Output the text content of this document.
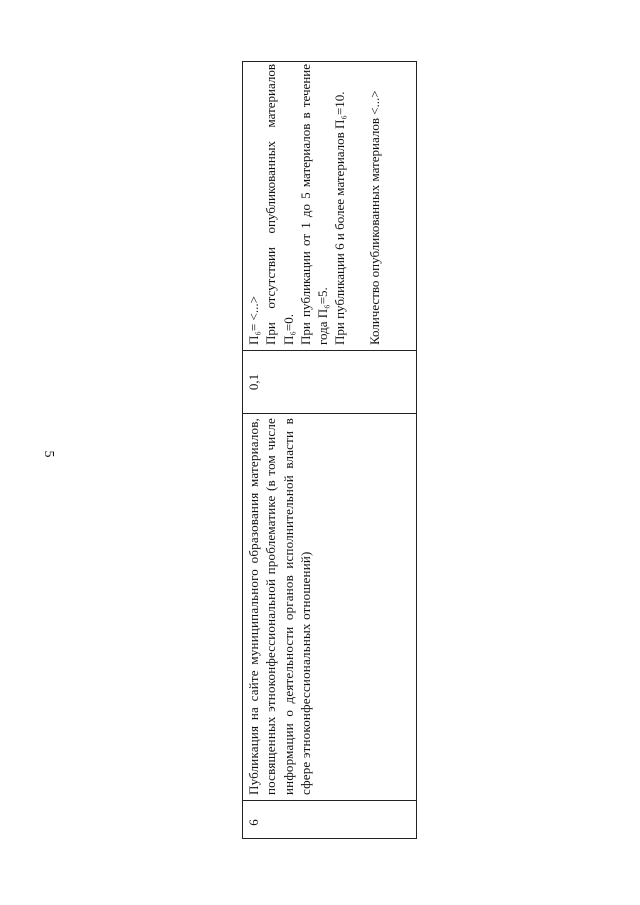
5
6
Публикация на сайте муниципального образования материалов, посвященных этноконфессиональной проблематике (в том числе информации о деятельности органов исполнительной власти в сфере этноконфессиональных отношений)
0,1

П₆= <...> При отсутствии опубликованных материалов П₆=0. При публикации от 1 до 5 материалов в течение года П₆=5. При публикации 6 и более материалов П₆=10. Количество опубликованных материалов <...>
